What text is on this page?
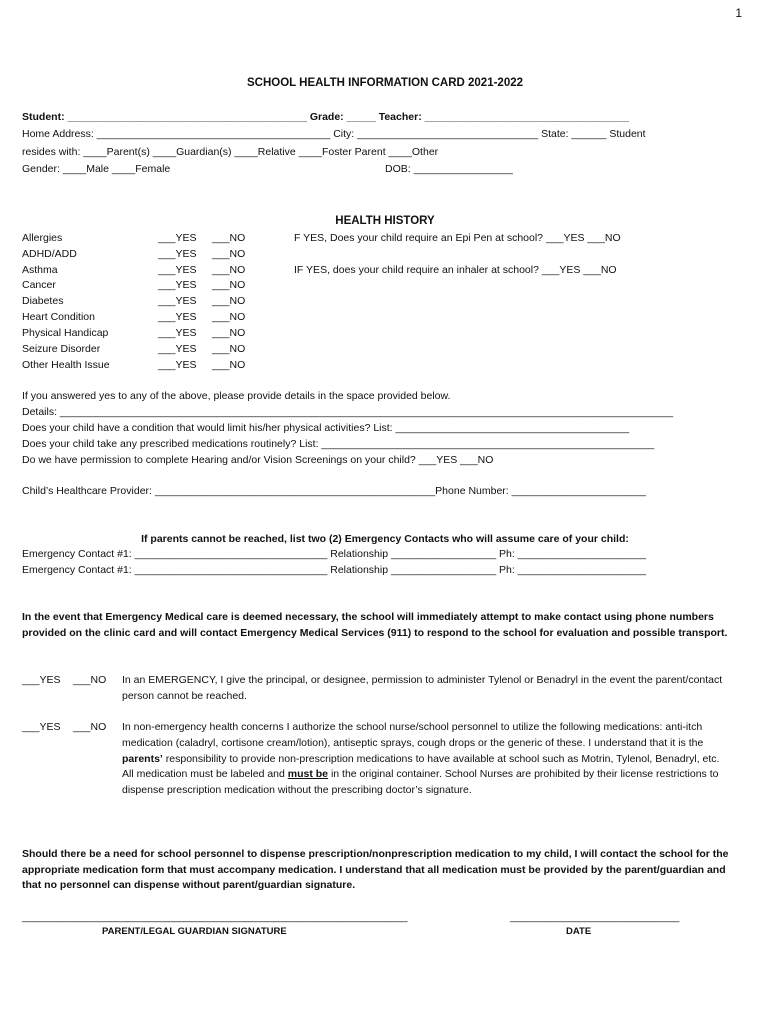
1
SCHOOL HEALTH INFORMATION CARD 2021-2022
Student: _________________________________________ Grade: _____ Teacher: ___________________________________
Home Address: ________________________________________ City: _______________________________ State: ______ Student
resides with: ____Parent(s) ____Guardian(s) ____Relative ____Foster Parent ____Other
Gender: ____Male ____Female	DOB: _________________
HEALTH HISTORY
Allergies	___YES ___NO
ADHD/ADD	___YES ___NO
Asthma	___YES ___NO
Cancer	___YES ___NO
Diabetes	___YES ___NO
Heart Condition	___YES ___NO
Physical Handicap	___YES ___NO
Seizure Disorder	___YES ___NO
Other Health Issue	___YES ___NO
F YES, Does your child require an Epi Pen at school? ___YES ___NO
IF YES, does your child require an inhaler at school? ___YES ___NO
If you answered yes to any of the above, please provide details in the space provided below.
Details: _________________________________________________________________________________________________________
Does your child have a condition that would limit his/her physical activities? List: ________________________________________
Does your child take any prescribed medications routinely? List: _________________________________________________________
Do we have permission to complete Hearing and/or Vision Screenings on your child? ___YES ___NO
Child’s Healthcare Provider: ________________________________________________Phone Number: _______________________
If parents cannot be reached, list two (2) Emergency Contacts who will assume care of your child:
Emergency Contact #1: _________________________________ Relationship __________________ Ph: ______________________
Emergency Contact #1: _________________________________ Relationship __________________ Ph: ______________________
In the event that Emergency Medical care is deemed necessary, the school will immediately attempt to make contact using phone numbers provided on the clinic card and will contact Emergency Medical Services (911) to respond to the school for evaluation and possible transport.
___YES ___NO In an EMERGENCY, I give the principal, or designee, permission to administer Tylenol or Benadryl in the event the parent/contact person cannot be reached.
___YES ___NO In non-emergency health concerns I authorize the school nurse/school personnel to utilize the following medications: anti-itch medication (caladryl, cortisone cream/lotion), antiseptic sprays, cough drops or the generic of these. I understand that it is the parents’ responsibility to provide non-prescription medications to have available at school such as Motrin, Tylenol, Benadryl, etc. All medication must be labeled and must be in the original container. School Nurses are prohibited by their license restrictions to dispense prescription medication without the prescribing doctor’s signature.
Should there be a need for school personnel to dispense prescription/nonprescription medication to my child, I will contact the school for the appropriate medication form that must accompany medication. I understand that all medication must be provided by the parent/guardian and that no personnel can dispense without parent/guardian signature.
__________________________________________________________________	_____________________________
PARENT/LEGAL GUARDIAN SIGNATURE	DATE
